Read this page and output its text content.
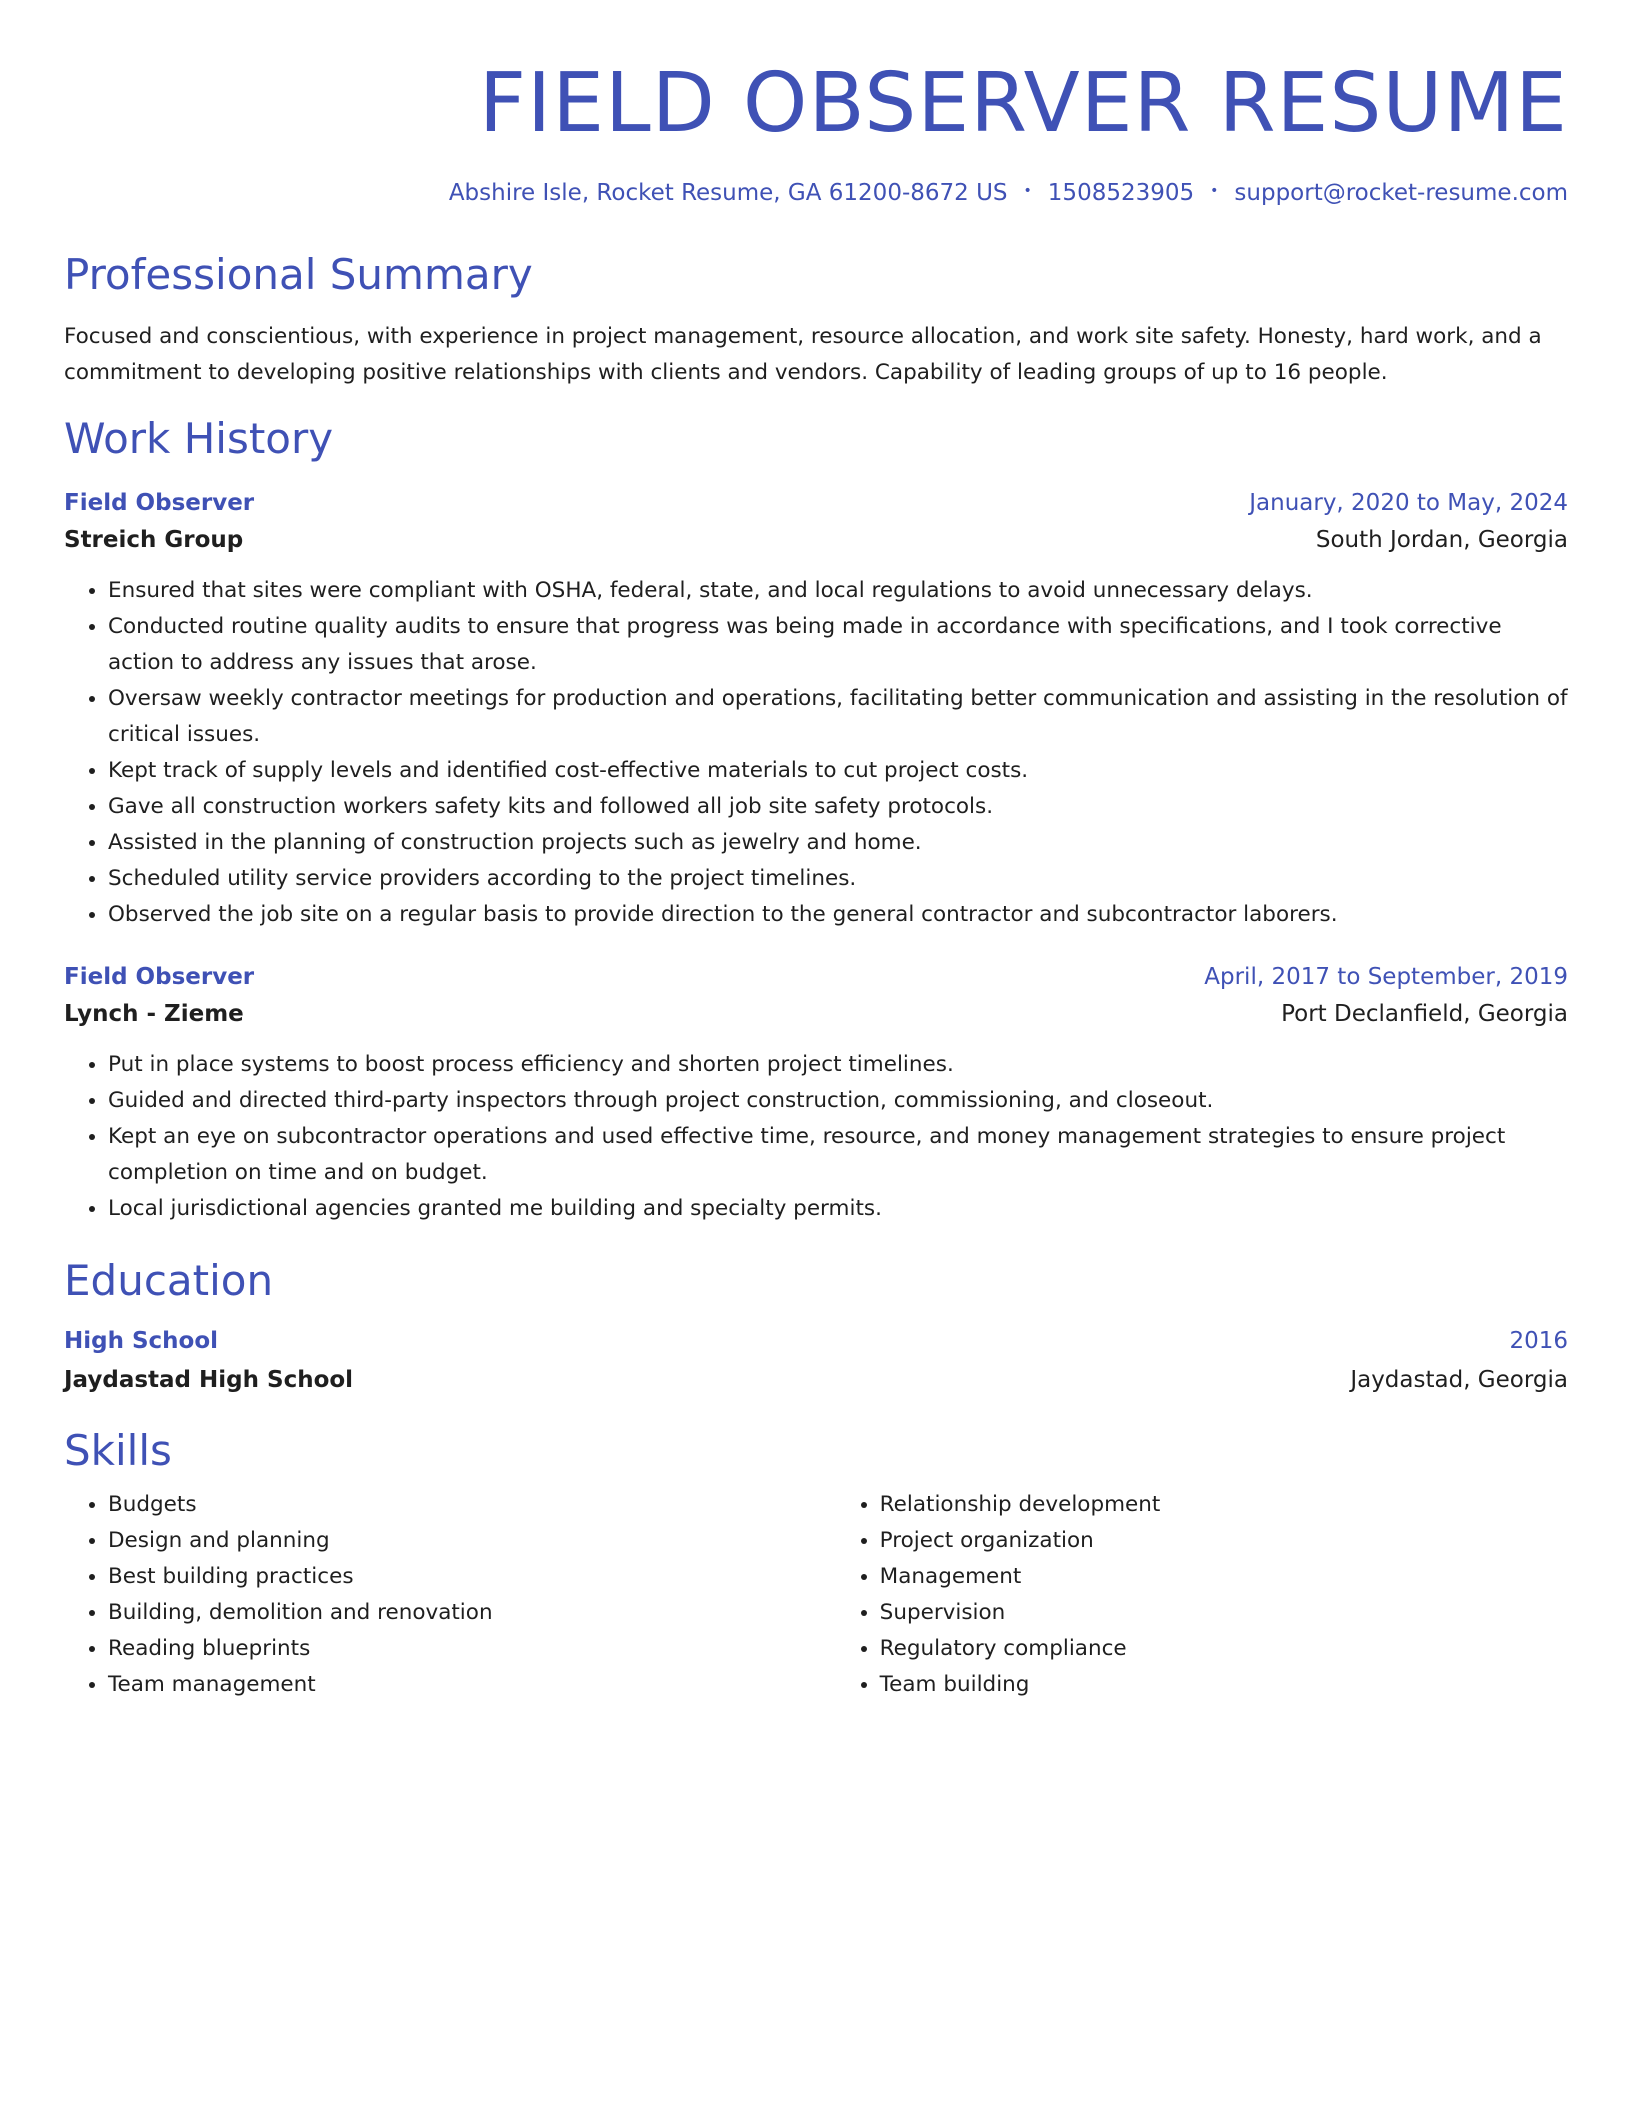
FIELD OBSERVER RESUME
Abshire Isle, Rocket Resume, GA 61200-8672 US • 1508523905 • support@rocket-resume.com
Professional Summary

Focused and conscientious, with experience in project management, resource allocation, and work site safety. Honesty, hard work, and a commitment to developing positive relationships with clients and vendors. Capability of leading groups of up to 16 people.

Work History
Field Observer	January, 2020 to May, 2024
Streich Group	South Jordan, Georgia
• Ensured that sites were compliant with OSHA, federal, state, and local regulations to avoid unnecessary delays.
• Conducted routine quality audits to ensure that progress was being made in accordance with specifications, and I took corrective action to address any issues that arose.
• Oversaw weekly contractor meetings for production and operations, facilitating better communication and assisting in the resolution of critical issues.
• Kept track of supply levels and identified cost-effective materials to cut project costs.
• Gave all construction workers safety kits and followed all job site safety protocols.
• Assisted in the planning of construction projects such as jewelry and home.
• Scheduled utility service providers according to the project timelines.
• Observed the job site on a regular basis to provide direction to the general contractor and subcontractor laborers.
Field Observer	April, 2017 to September, 2019
Lynch - Zieme	Port Declanfield, Georgia
• Put in place systems to boost process efficiency and shorten project timelines.
• Guided and directed third-party inspectors through project construction, commissioning, and closeout.
• Kept an eye on subcontractor operations and used effective time, resource, and money management strategies to ensure project completion on time and on budget.
• Local jurisdictional agencies granted me building and specialty permits.
Education
High School	2016
Jaydastad High School	Jaydastad, Georgia
Skills
• Budgets
• Design and planning
• Best building practices
• Building, demolition and renovation
• Reading blueprints
• Team management
• Relationship development
• Project organization
• Management
• Supervision
• Regulatory compliance
• Team building
